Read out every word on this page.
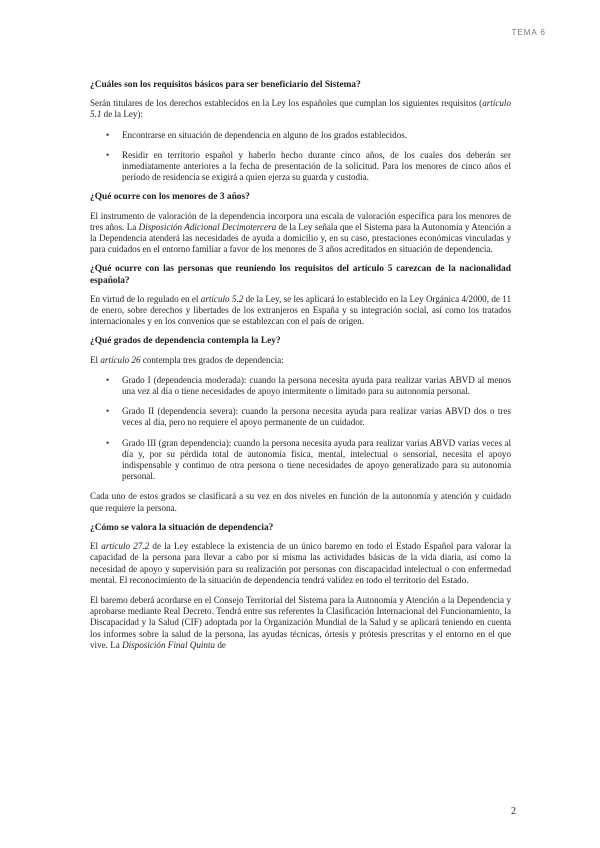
TEMA 6
¿Cuáles son los requisitos básicos para ser beneficiario del Sistema?

Serán titulares de los derechos establecidos en la Ley los españoles que cumplan los siguientes requisitos (artículo 5.1 de la Ley):

• Encontrarse en situación de dependencia en alguno de los grados establecidos.
• Residir en territorio español y haberlo hecho durante cinco años, de los cuales dos deberán ser inmediatamente anteriores a la fecha de presentación de la solicitud. Para los menores de cinco años el período de residencia se exigirá a quien ejerza su guarda y custodia.
¿Qué ocurre con los menores de 3 años?

El instrumento de valoración de la dependencia incorpora una escala de valoración específica para los menores de tres años. La Disposición Adicional Decimotercera de la Ley señala que el Sistema para la Autonomía y Atención a la Dependencia atenderá las necesidades de ayuda a domicilio y, en su caso, prestaciones económicas vinculadas y para cuidados en el entorno familiar a favor de los menores de 3 años acreditados en situación de dependencia.

¿Qué ocurre con las personas que reuniendo los requisitos del artículo 5 carezcan de la nacionalidad española?

En virtud de lo regulado en el artículo 5.2 de la Ley, se les aplicará lo establecido en la Ley Orgánica 4/2000, de 11 de enero, sobre derechos y libertades de los extranjeros en España y su integración social, así como los tratados internacionales y en los convenios que se establezcan con el país de origen.

¿Qué grados de dependencia contempla la Ley?

El artículo 26 contempla tres grados de dependencia:

• Grado I (dependencia moderada): cuando la persona necesita ayuda para realizar varias ABVD al menos una vez al día o tiene necesidades de apoyo intermitente o limitado para su autonomía personal.
• Grado II (dependencia severa): cuando la persona necesita ayuda para realizar varias ABVD dos o tres veces al día, pero no requiere el apoyo permanente de un cuidador.
• Grado III (gran dependencia): cuando la persona necesita ayuda para realizar varias ABVD varias veces al día y, por su pérdida total de autonomía física, mental, intelectual o sensorial, necesita el apoyo indispensable y continuo de otra persona o tiene necesidades de apoyo generalizado para su autonomía personal.

Cada uno de estos grados se clasificará a su vez en dos niveles en función de la autonomía y atención y cuidado que requiere la persona.

¿Cómo se valora la situación de dependencia?

El artículo 27.2 de la Ley establece la existencia de un único baremo en todo el Estado Español para valorar la capacidad de la persona para llevar a cabo por sí misma las actividades básicas de la vida diaria, así como la necesidad de apoyo y supervisión para su realización por personas con discapacidad intelectual o con enfermedad mental. El reconocimiento de la situación de dependencia tendrá validez en todo el territorio del Estado.

El baremo deberá acordarse en el Consejo Territorial del Sistema para la Autonomía y Atención a la Dependencia y aprobarse mediante Real Decreto. Tendrá entre sus referentes la Clasificación Internacional del Funcionamiento, la Discapacidad y la Salud (CIF) adoptada por la Organización Mundial de la Salud y se aplicará teniendo en cuenta los informes sobre la salud de la persona, las ayudas técnicas, órtesis y prótesis prescritas y el entorno en el que vive. La Disposición Final Quinta de

2
